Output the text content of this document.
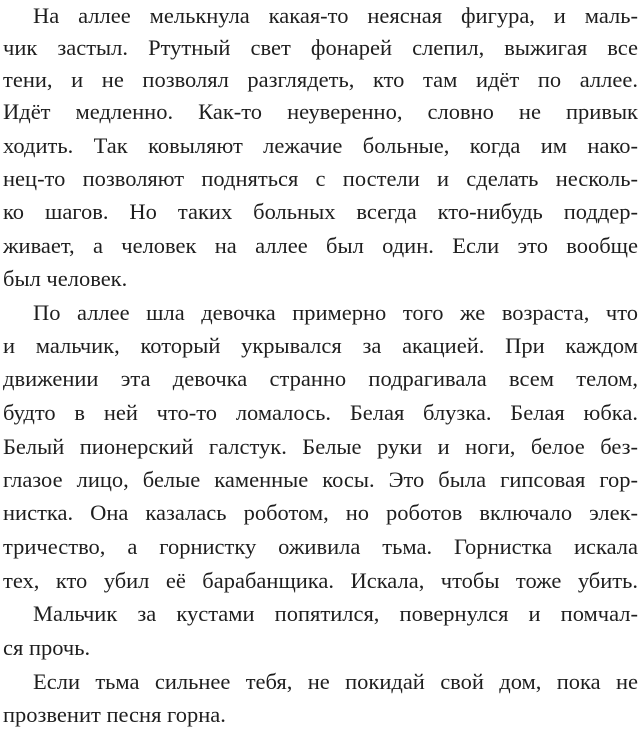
На аллее мелькнула какая-то неясная фигура, и маль-
чик застыл. Ртутный свет фонарей слепил, выжигая все
тени, и не позволял разглядеть, кто там идёт по аллее.
Идёт медленно. Как-то неуверенно, словно не привык
ходить. Так ковыляют лежачие больные, когда им нако-
нец-то позволяют подняться с постели и сделать несколь-
ко шагов. Но таких больных всегда кто-нибудь поддер-
живает, а человек на аллее был один. Если это вообще
был человек.
По аллее шла девочка примерно того же возраста, что
и мальчик, который укрывался за акацией. При каждом
движении эта девочка странно подрагивала всем телом,
будто в ней что-то ломалось. Белая блузка. Белая юбка.
Белый пионерский галстук. Белые руки и ноги, белое без-
глазое лицо, белые каменные косы. Это была гипсовая гор-
нистка. Она казалась роботом, но роботов включало элек-
тричество, а горнистку оживила тьма. Горнистка искала
тех, кто убил её барабанщика. Искала, чтобы тоже убить.
Мальчик за кустами попятился, повернулся и помчал-
ся прочь.
Если тьма сильнее тебя, не покидай свой дом, пока не
прозвенит песня горна.
